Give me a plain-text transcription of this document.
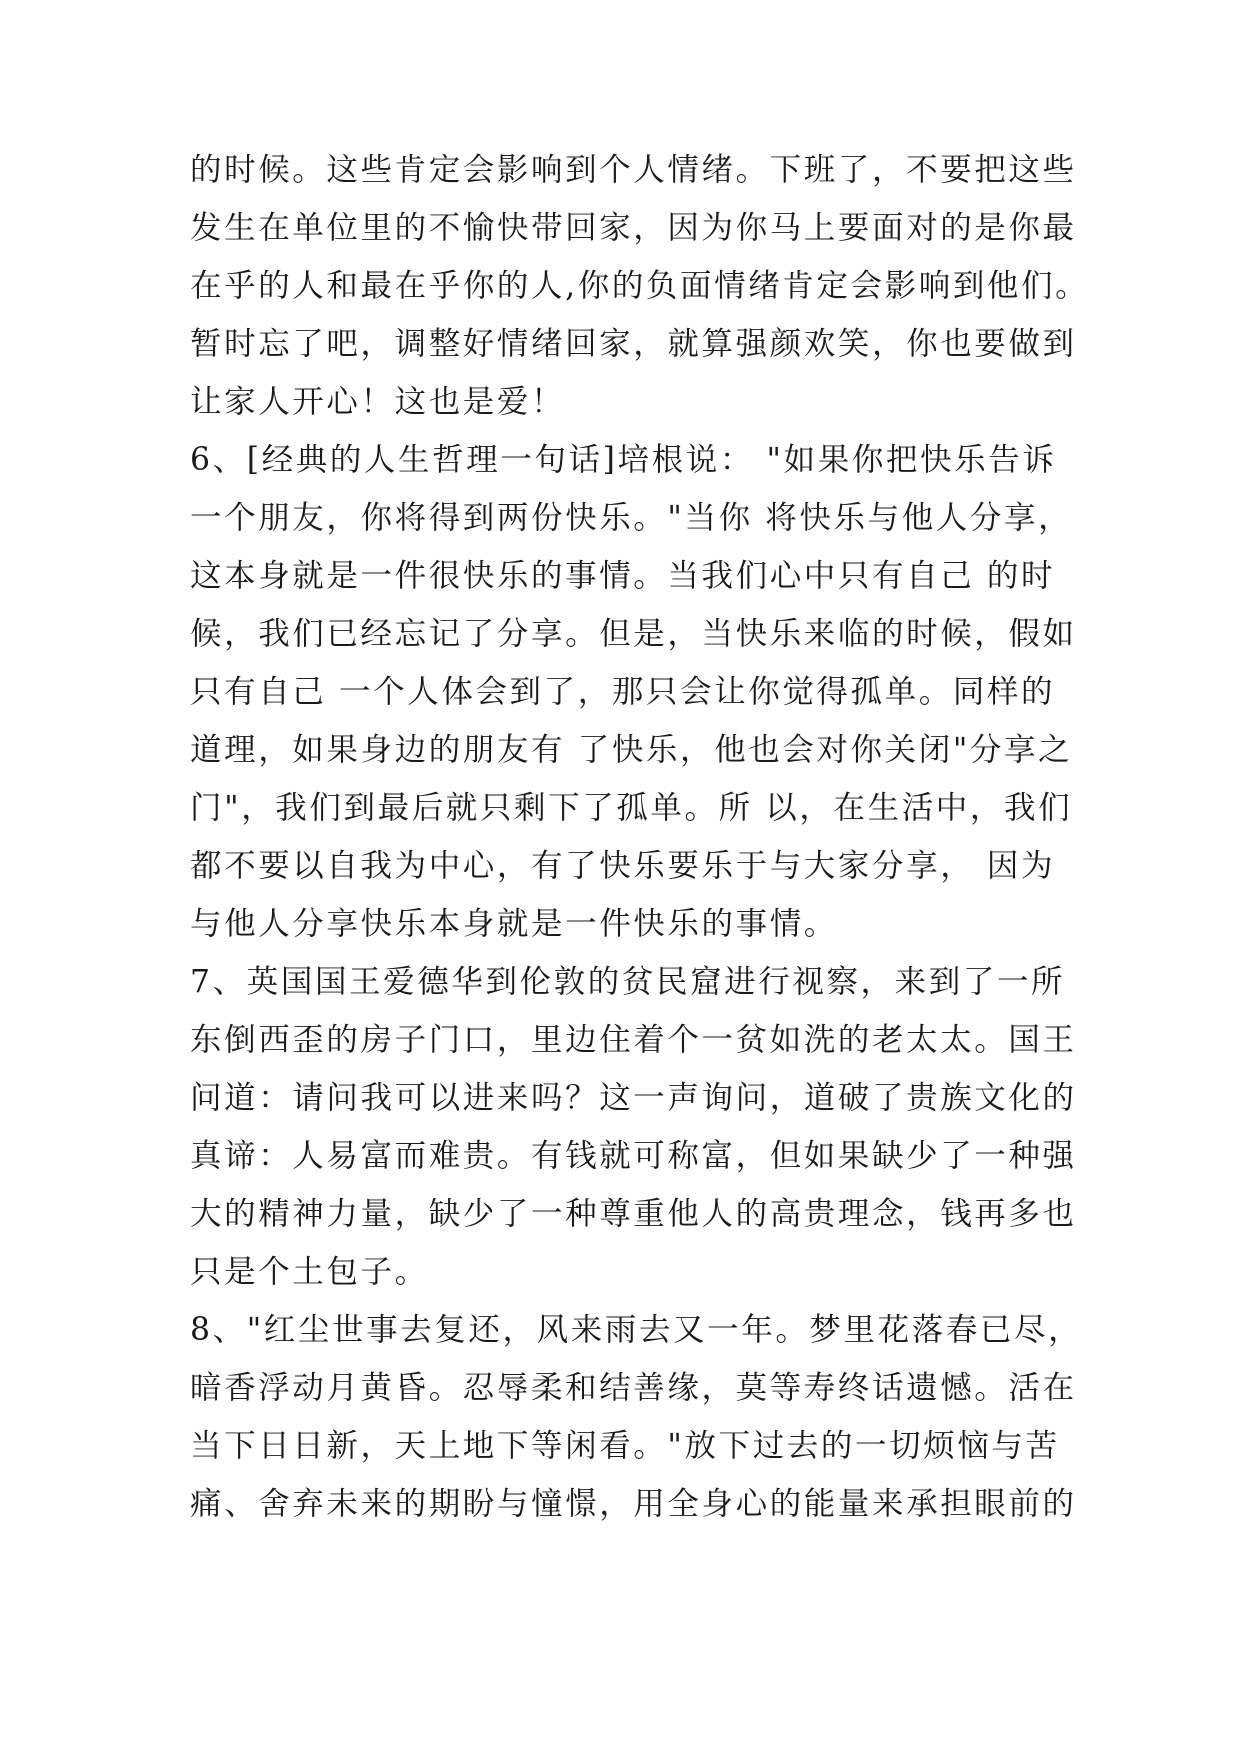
的时候。这些肯定会影响到个人情绪。下班了，不要把这些
发生在单位里的不愉快带回家，因为你马上要面对的是你最
在乎的人和最在乎你的人,你的负面情绪肯定会影响到他们。
暂时忘了吧，调整好情绪回家，就算强颜欢笑，你也要做到
让家人开心！这也是爱！
6、[经典的人生哲理一句话]培根说： "如果你把快乐告诉
一个朋友，你将得到两份快乐。"当你 将快乐与他人分享，
这本身就是一件很快乐的事情。当我们心中只有自己 的时
候，我们已经忘记了分享。但是，当快乐来临的时候，假如
只有自己 一个人体会到了，那只会让你觉得孤单。同样的
道理，如果身边的朋友有 了快乐，他也会对你关闭"分享之
门"，我们到最后就只剩下了孤单。所 以，在生活中，我们
都不要以自我为中心，有了快乐要乐于与大家分享， 因为
与他人分享快乐本身就是一件快乐的事情。
7、英国国王爱德华到伦敦的贫民窟进行视察，来到了一所
东倒西歪的房子门口，里边住着个一贫如洗的老太太。国王
问道：请问我可以进来吗？这一声询问，道破了贵族文化的
真谛：人易富而难贵。有钱就可称富，但如果缺少了一种强
大的精神力量，缺少了一种尊重他人的高贵理念，钱再多也
只是个土包子。
8、"红尘世事去复还，风来雨去又一年。梦里花落春已尽，
暗香浮动月黄昏。忍辱柔和结善缘，莫等寿终话遗憾。活在
当下日日新，天上地下等闲看。"放下过去的一切烦恼与苦
痛、舍弃未来的期盼与憧憬，用全身心的能量来承担眼前的
